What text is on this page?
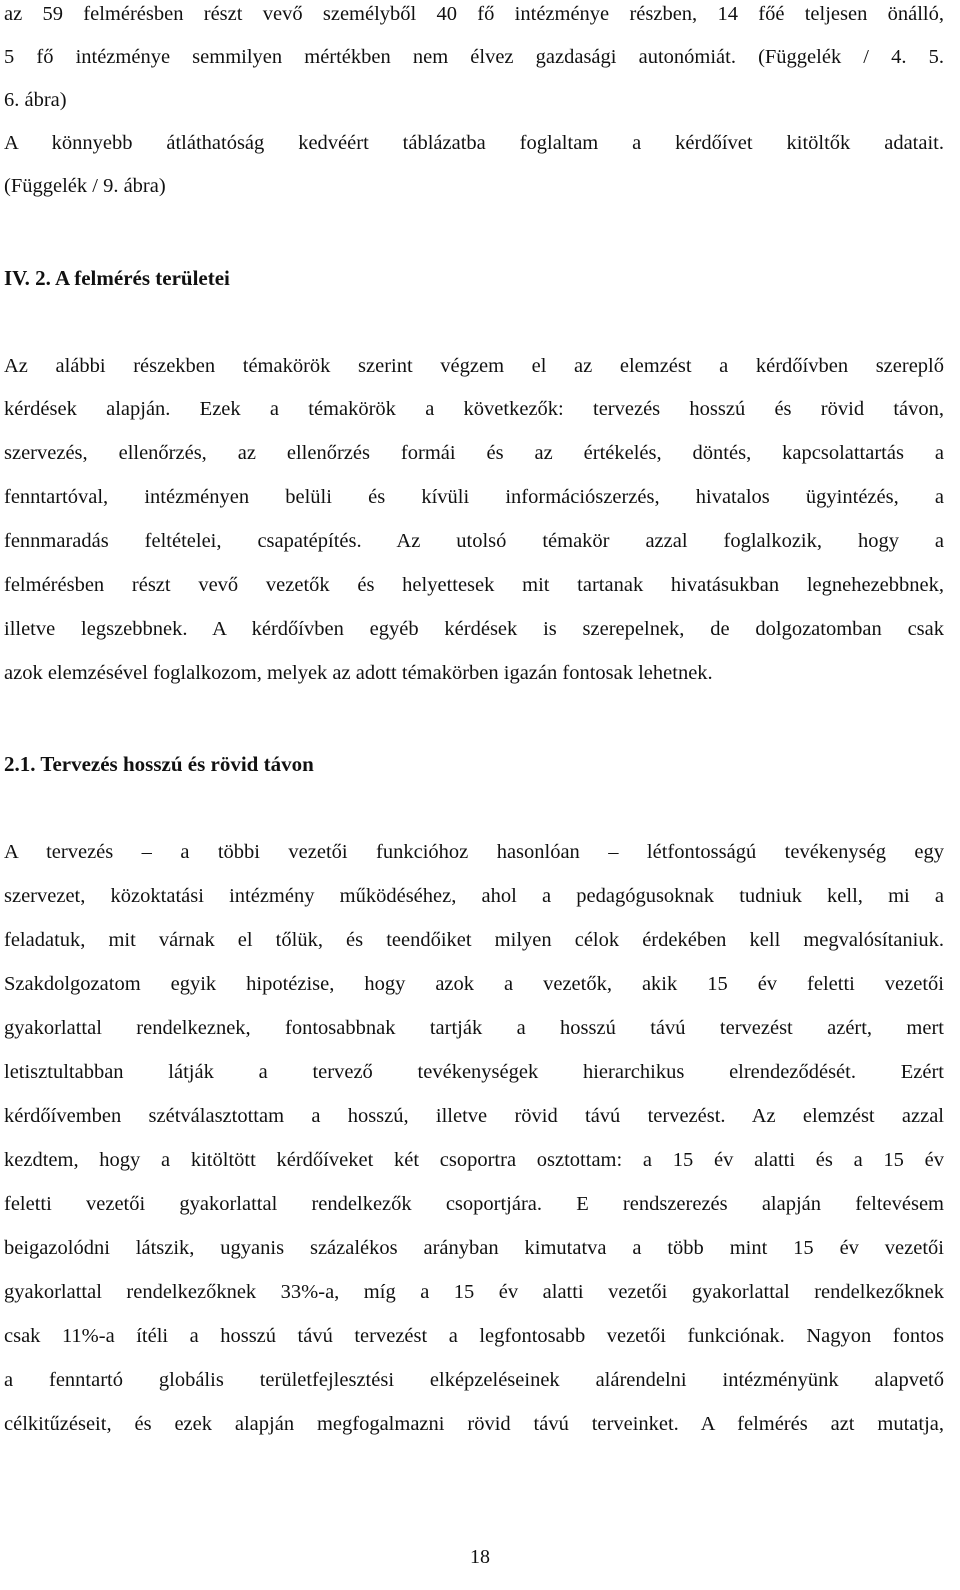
az 59 felmérésben részt vevő személyből 40 fő intézménye részben, 14 főé teljesen önálló,
5 fő intézménye semmilyen mértékben nem élvez gazdasági autonómiát. (Függelék / 4. 5.
6. ábra)
A könnyebb átláthatóság kedvéért táblázatba foglaltam a kérdőívet kitöltők adatait.
(Függelék / 9. ábra)
IV. 2. A felmérés területei
Az alábbi részekben témakörök szerint végzem el az elemzést a kérdőívben szereplő
kérdések alapján. Ezek a témakörök a következők: tervezés hosszú és rövid távon,
szervezés, ellenőrzés, az ellenőrzés formái és az értékelés, döntés, kapcsolattartás a
fenntartóval, intézményen belüli és kívüli információszerzés, hivatalos ügyintézés, a
fennmaradás feltételei, csapatépítés. Az utolsó témakör azzal foglalkozik, hogy a
felmérésben részt vevő vezetők és helyettesek mit tartanak hivatásukban legnehezebbnek,
illetve legszebbnek. A kérdőívben egyéb kérdések is szerepelnek, de dolgozatomban csak
azok elemzésével foglalkozom, melyek az adott témakörben igazán fontosak lehetnek.
2.1. Tervezés hosszú és rövid távon
A tervezés – a többi vezetői funkcióhoz hasonlóan – létfontosságú tevékenység egy
szervezet, közoktatási intézmény működéséhez, ahol a pedagógusoknak tudniuk kell, mi a
feladatuk, mit várnak el tőlük, és teendőiket milyen célok érdekében kell megvalósítaniuk.
Szakdolgozatom egyik hipotézise, hogy azok a vezetők, akik 15 év feletti vezetői
gyakorlattal rendelkeznek, fontosabbnak tartják a hosszú távú tervezést azért, mert
letisztultabban látják a tervező tevékenységek hierarchikus elrendeződését. Ezért
kérdőívemben szétválasztottam a hosszú, illetve rövid távú tervezést. Az elemzést azzal
kezdtem, hogy a kitöltött kérdőíveket két csoportra osztottam: a 15 év alatti és a 15 év
feletti vezetői gyakorlattal rendelkezők csoportjára. E rendszerezés alapján feltevésem
beigazolódni látszik, ugyanis százalékos arányban kimutatva a több mint 15 év vezetői
gyakorlattal rendelkezőknek 33%-a, míg a 15 év alatti vezetői gyakorlattal rendelkezőknek
csak 11%-a ítéli a hosszú távú tervezést a legfontosabb vezetői funkciónak. Nagyon fontos
a fenntartó globális területfejlesztési elképzeléseinek alárendelni intézményünk alapvető
célkitűzéseit, és ezek alapján megfogalmazni rövid távú terveinket. A felmérés azt mutatja,
18
